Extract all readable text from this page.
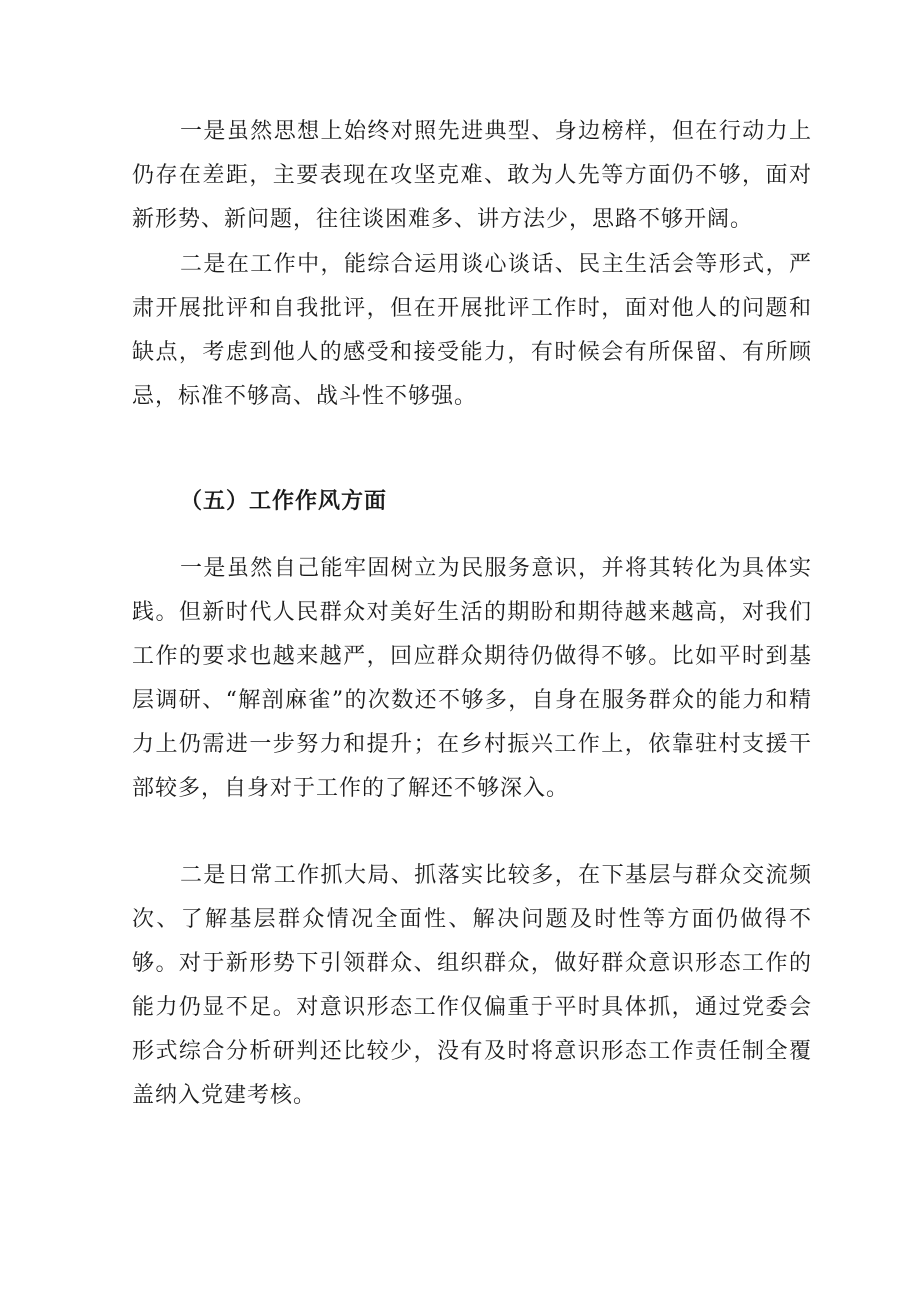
一是虽然思想上始终对照先进典型、身边榜样，但在行动力上仍存在差距，主要表现在攻坚克难、敢为人先等方面仍不够，面对新形势、新问题，往往谈困难多、讲方法少，思路不够开阔。

二是在工作中，能综合运用谈心谈话、民主生活会等形式，严肃开展批评和自我批评，但在开展批评工作时，面对他人的问题和缺点，考虑到他人的感受和接受能力，有时候会有所保留、有所顾忌，标准不够高、战斗性不够强。

（五）工作作风方面

一是虽然自己能牢固树立为民服务意识，并将其转化为具体实践。但新时代人民群众对美好生活的期盼和期待越来越高，对我们工作的要求也越来越严，回应群众期待仍做得不够。比如平时到基层调研、“解剖麻雀”的次数还不够多，自身在服务群众的能力和精力上仍需进一步努力和提升；在乡村振兴工作上，依靠驻村支援干部较多，自身对于工作的了解还不够深入。

二是日常工作抓大局、抓落实比较多，在下基层与群众交流频次、了解基层群众情况全面性、解决问题及时性等方面仍做得不够。对于新形势下引领群众、组织群众，做好群众意识形态工作的能力仍显不足。对意识形态工作仅偏重于平时具体抓，通过党委会形式综合分析研判还比较少，没有及时将意识形态工作责任制全覆盖纳入党建考核。
